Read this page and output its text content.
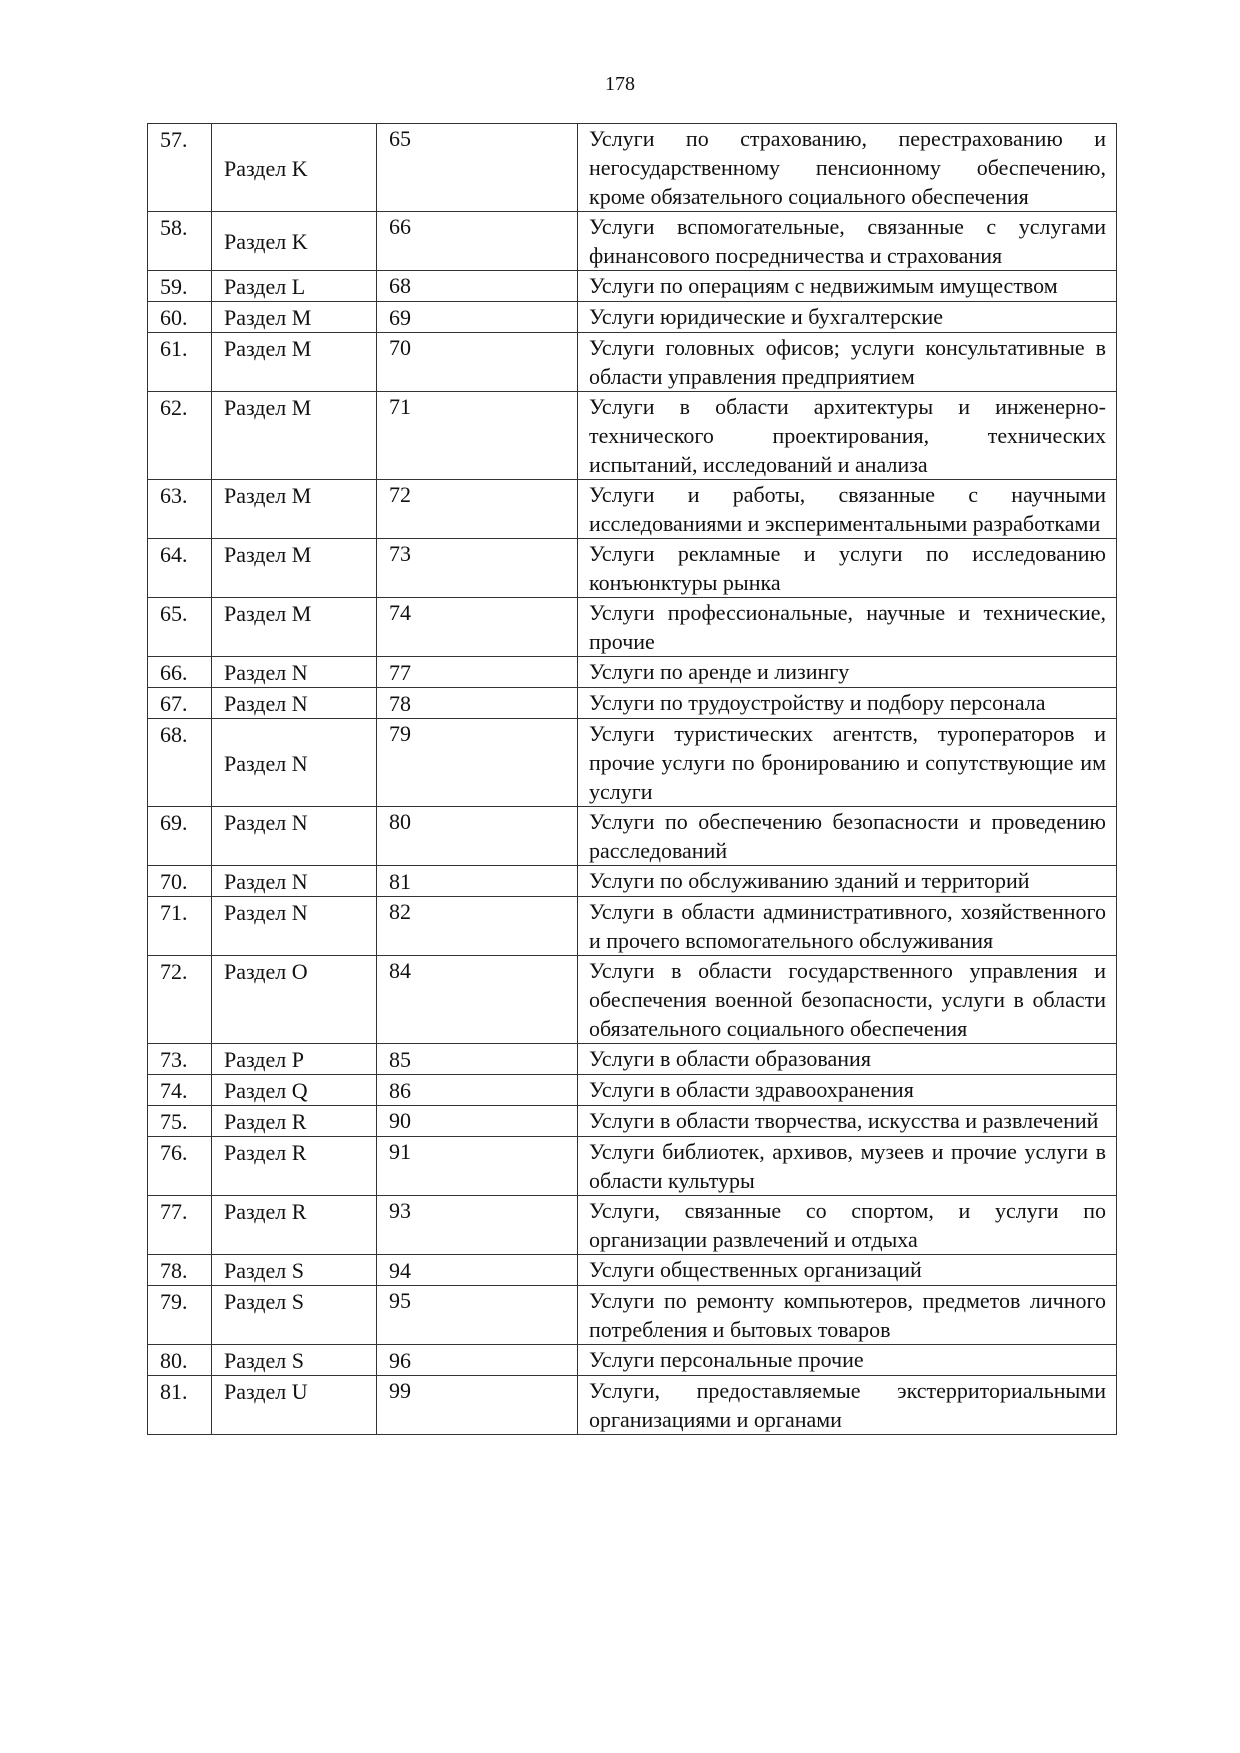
178
57.	Раздел K	65	Услуги по страхованию, перестрахованию и негосударственному пенсионному обеспечению, кроме обязательного социального обеспечения
58.	Раздел K	66	Услуги вспомогательные, связанные с услугами финансового посредничества и страхования
59.	Раздел L	68	Услуги по операциям с недвижимым имуществом
60.	Раздел M	69	Услуги юридические и бухгалтерские
61.	Раздел M	70	Услуги головных офисов; услуги консультативные в области управления предприятием
62.	Раздел M	71	Услуги в области архитектуры и инженерно-технического проектирования, технических испытаний, исследований и анализа
63.	Раздел M	72	Услуги и работы, связанные с научными исследованиями и экспериментальными разработками
64.	Раздел M	73	Услуги рекламные и услуги по исследованию конъюнктуры рынка
65.	Раздел M	74	Услуги профессиональные, научные и технические, прочие
66.	Раздел N	77	Услуги по аренде и лизингу
67.	Раздел N	78	Услуги по трудоустройству и подбору персонала
68.	Раздел N	79	Услуги туристических агентств, туроператоров и прочие услуги по бронированию и сопутствующие им услуги
69.	Раздел N	80	Услуги по обеспечению безопасности и проведению расследований
70.	Раздел N	81	Услуги по обслуживанию зданий и территорий
71.	Раздел N	82	Услуги в области административного, хозяйственного и прочего вспомогательного обслуживания
72.	Раздел O	84	Услуги в области государственного управления и обеспечения военной безопасности, услуги в области обязательного социального обеспечения
73.	Раздел P	85	Услуги в области образования
74.	Раздел Q	86	Услуги в области здравоохранения
75.	Раздел R	90	Услуги в области творчества, искусства и развлечений
76.	Раздел R	91	Услуги библиотек, архивов, музеев и прочие услуги в области культуры
77.	Раздел R	93	Услуги, связанные со спортом, и услуги по организации развлечений и отдыха
78.	Раздел S	94	Услуги общественных организаций
79.	Раздел S	95	Услуги по ремонту компьютеров, предметов личного потребления и бытовых товаров
80.	Раздел S	96	Услуги персональные прочие
81.	Раздел U	99	Услуги, предоставляемые экстерриториальными организациями и органами
